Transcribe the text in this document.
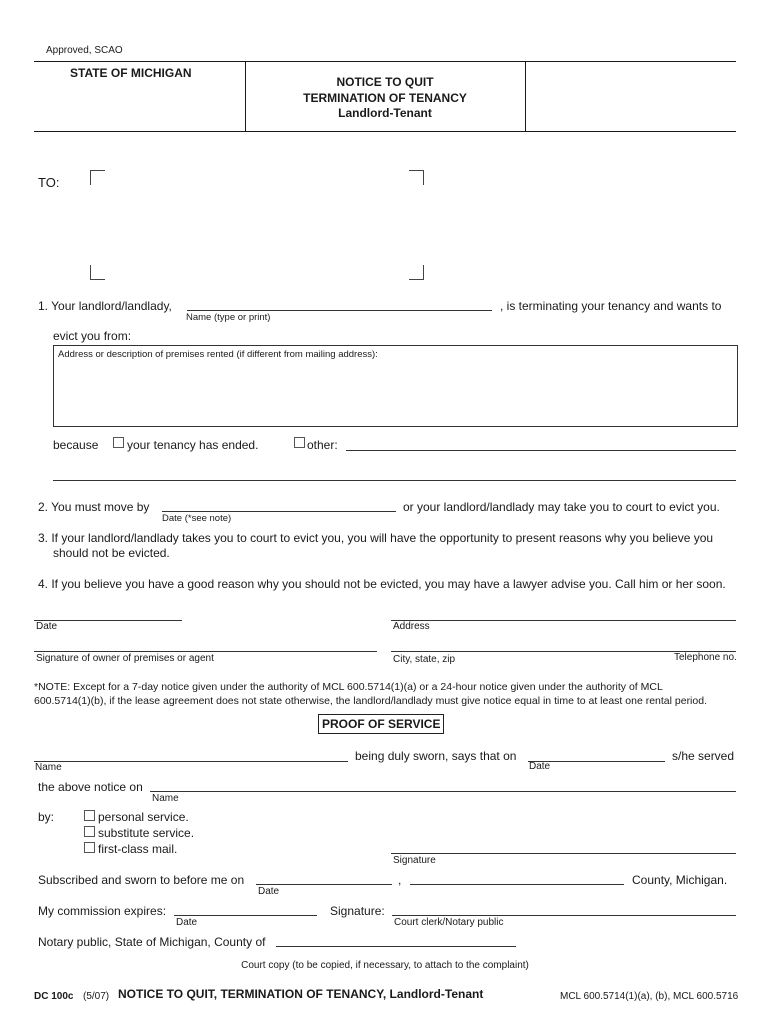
Approved, SCAO
STATE OF MICHIGAN
NOTICE TO QUIT
TERMINATION OF TENANCY
Landlord-Tenant
TO:
1. Your landlord/landlady,
Name (type or print)
, is terminating your tenancy and wants to
evict you from:
Address or description of premises rented (if different from mailing address):
because your tenancy has ended.	other:
2. You must move by
Date (*see note)
or your landlord/landlady may take you to court to evict you.
3. If your landlord/landlady takes you to court to evict you, you will have the opportunity to present reasons why you believe you
should not be evicted.
4. If you believe you have a good reason why you should not be evicted, you may have a lawyer advise you. Call him or her soon.
Date	Address
Signature of owner of premises or agent	City, state, zip	Telephone no.
*NOTE: Except for a 7-day notice given under the authority of MCL 600.5714(1)(a) or a 24-hour notice given under the authority of MCL
600.5714(1)(b), if the lease agreement does not state otherwise, the landlord/landlady must give notice equal in time to at least one rental period.
PROOF OF SERVICE
Name
being duly sworn, says that on
Date
s/he served
the above notice on
Name
by:	personal service.
substitute service.
first-class mail.
Signature
Subscribed and sworn to before me on
Date
,	County, Michigan.
My commission expires:
Date
Signature:
Court clerk/Notary public
Notary public, State of Michigan, County of
Court copy (to be copied, if necessary, to attach to the complaint)
DC 100c (5/07) NOTICE TO QUIT, TERMINATION OF TENANCY, Landlord-Tenant	MCL 600.5714(1)(a), (b), MCL 600.5716
